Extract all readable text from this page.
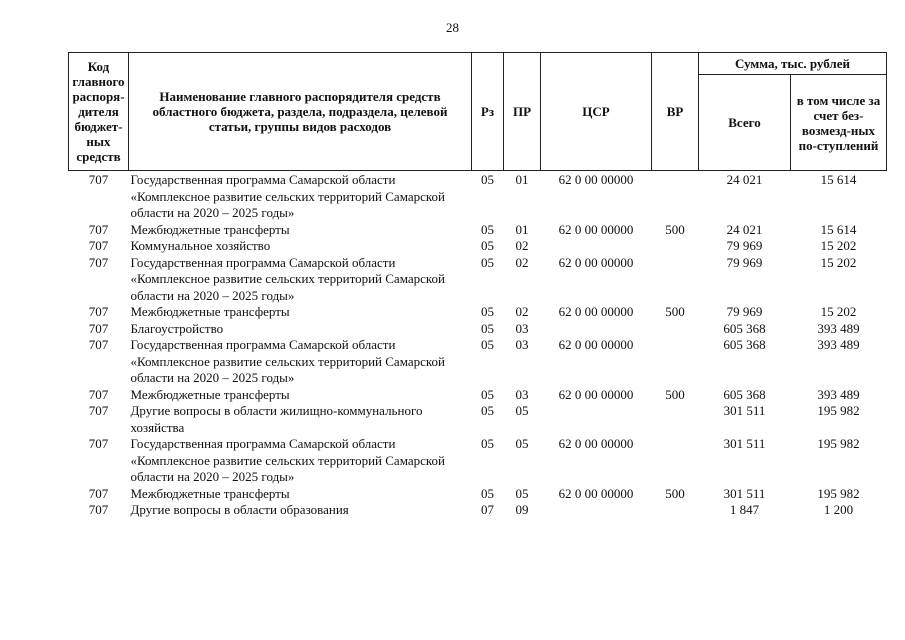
28
Код главного распоря-дителя бюджет-ных средств	Наименование главного распорядителя средств областного бюджета, раздела, подраздела, целевой статьи, группы видов расходов	Рз	ПР	ЦСР	ВР	Сумма, тыс. рублей	
						Всего	в том числе за счет без-возмезд-ных по-ступлений
707	Государственная программа Самарской области «Комплексное развитие сельских территорий Самарской области на 2020 – 2025 годы»	05	01	62 0 00 00000		24 021	15 614
707	Межбюджетные трансферты	05	01	62 0 00 00000	500	24 021	15 614
707	Коммунальное хозяйство	05	02			79 969	15 202
707	Государственная программа Самарской области «Комплексное развитие сельских территорий Самарской области на 2020 – 2025 годы»	05	02	62 0 00 00000		79 969	15 202
707	Межбюджетные трансферты	05	02	62 0 00 00000	500	79 969	15 202
707	Благоустройство	05	03			605 368	393 489
707	Государственная программа Самарской области «Комплексное развитие сельских территорий Самарской области на 2020 – 2025 годы»	05	03	62 0 00 00000		605 368	393 489
707	Межбюджетные трансферты	05	03	62 0 00 00000	500	605 368	393 489
707	Другие вопросы в области жилищно-коммунального хозяйства	05	05			301 511	195 982
707	Государственная программа Самарской области «Комплексное развитие сельских территорий Самарской области на 2020 – 2025 годы»	05	05	62 0 00 00000		301 511	195 982
707	Межбюджетные трансферты	05	05	62 0 00 00000	500	301 511	195 982
707	Другие вопросы в области образования	07	09			1 847	1 200
